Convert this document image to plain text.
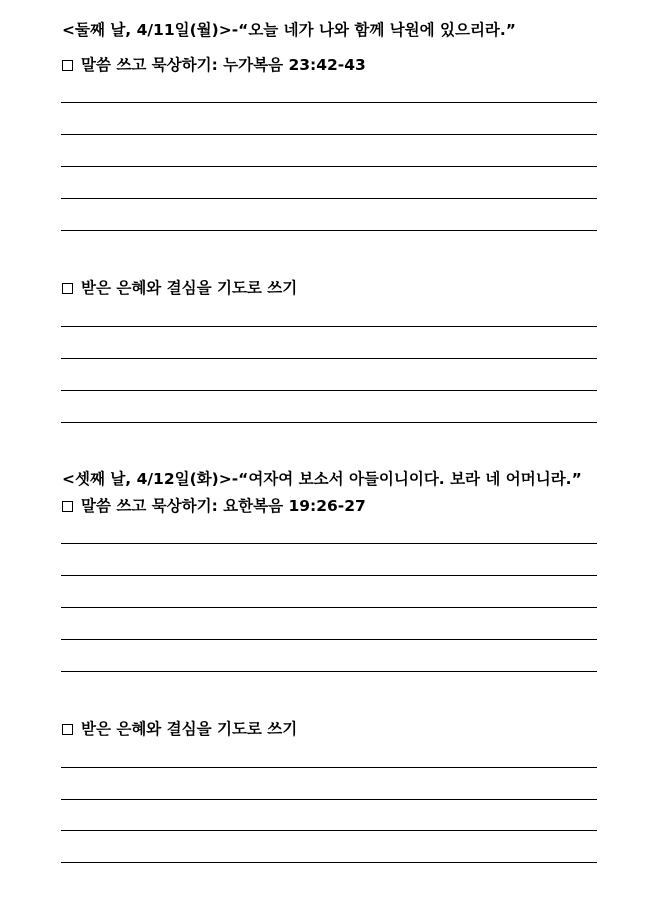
<둘째 날, 4/11일(월)>-“오늘 네가 나와 함께 낙원에 있으리라.”
말씀 쓰고 묵상하기: 누가복음 23:42-43
받은 은혜와 결심을 기도로 쓰기
<셋째 날, 4/12일(화)>-“여자여 보소서 아들이니이다. 보라 네 어머니라.”
말씀 쓰고 묵상하기: 요한복음 19:26-27
받은 은혜와 결심을 기도로 쓰기
